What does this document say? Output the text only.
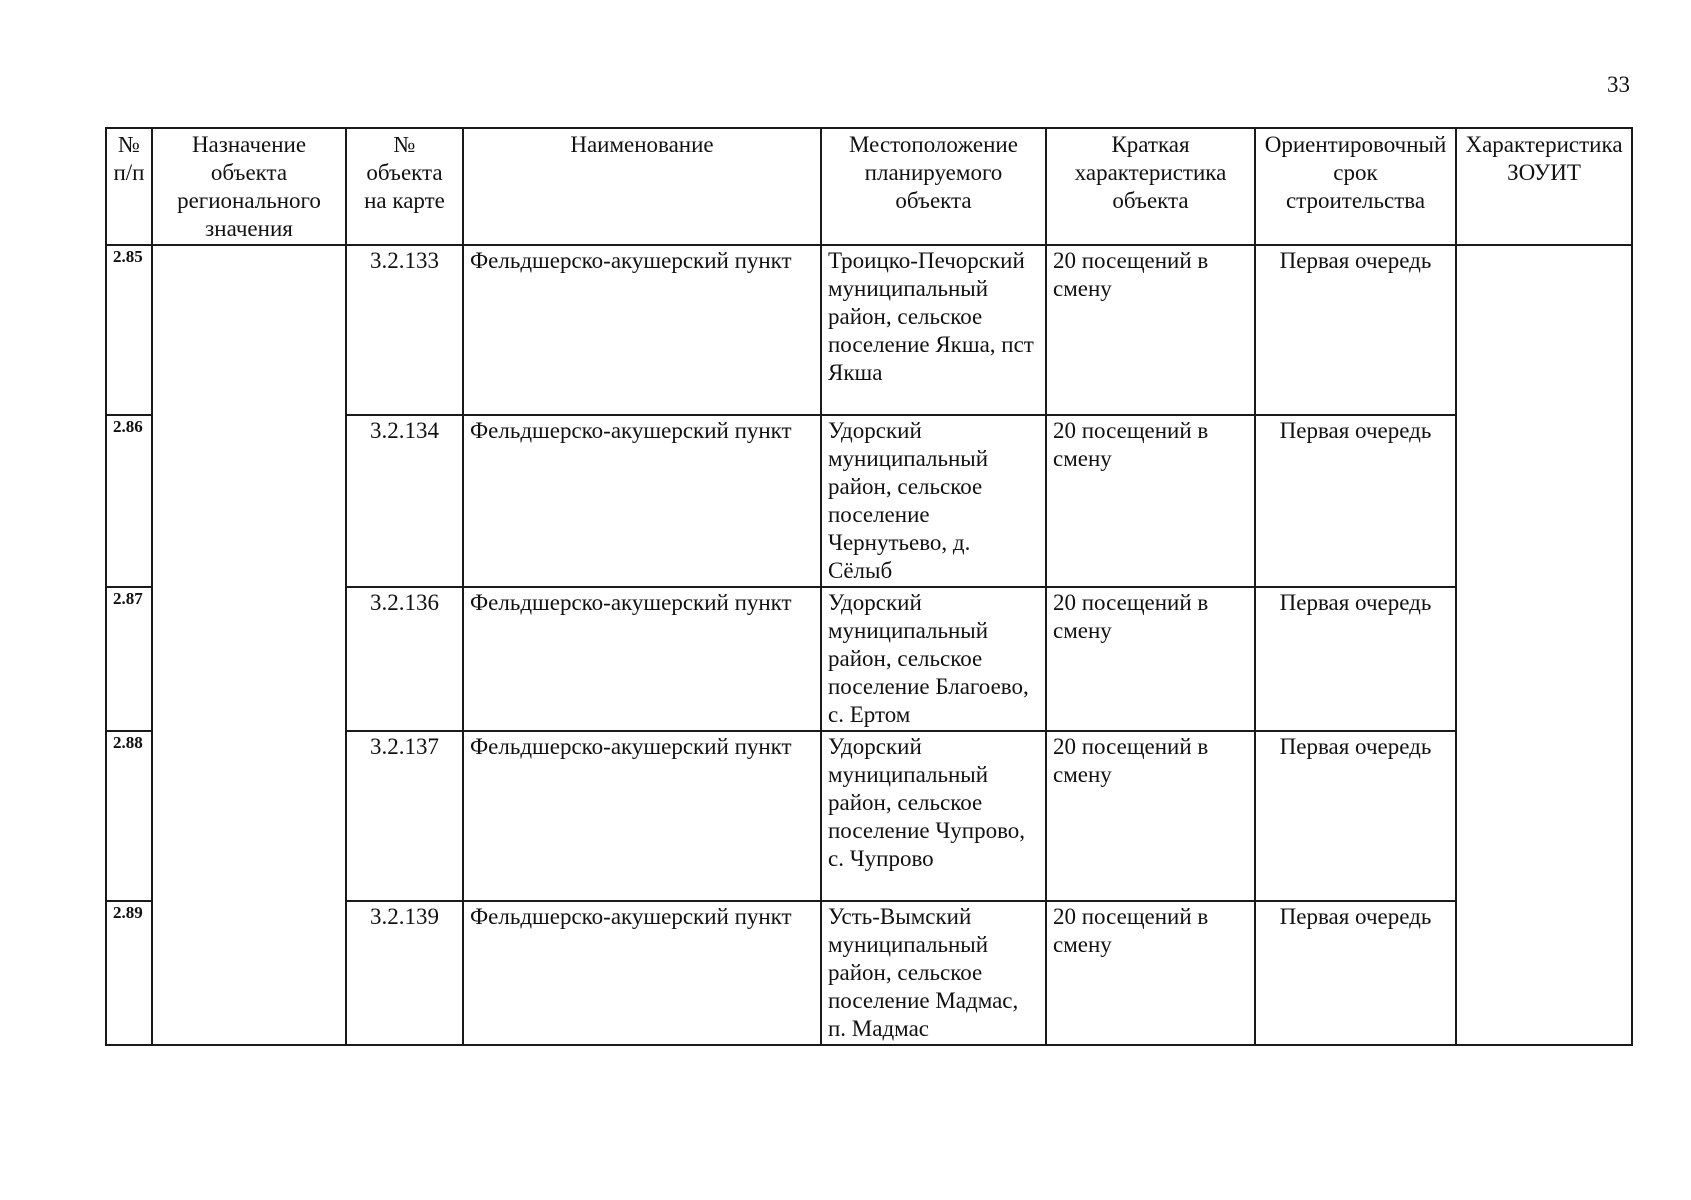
33
№ п/п	Назначение объекта регионального значения	№ объекта на карте	Наименование	Местоположение планируемого объекта	Краткая характеристика объекта	Ориентировочный срок строительства	Характеристика ЗОУИТ
2.85		3.2.133	Фельдшерско-акушерский пункт	Троицко-Печорский муниципальный район, сельское поселение Якша, пст Якша	20 посещений в смену	Первая очередь	
2.86		3.2.134	Фельдшерско-акушерский пункт	Удорский муниципальный район, сельское поселение Чернутьево, д. Сёлыб	20 посещений в смену	Первая очередь	
2.87		3.2.136	Фельдшерско-акушерский пункт	Удорский муниципальный район, сельское поселение Благоево, с. Ертом	20 посещений в смену	Первая очередь	
2.88		3.2.137	Фельдшерско-акушерский пункт	Удорский муниципальный район, сельское поселение Чупрово, с. Чупрово	20 посещений в смену	Первая очередь	
2.89		3.2.139	Фельдшерско-акушерский пункт	Усть-Вымский муниципальный район, сельское поселение Мадмас, п. Мадмас	20 посещений в смену	Первая очередь	
